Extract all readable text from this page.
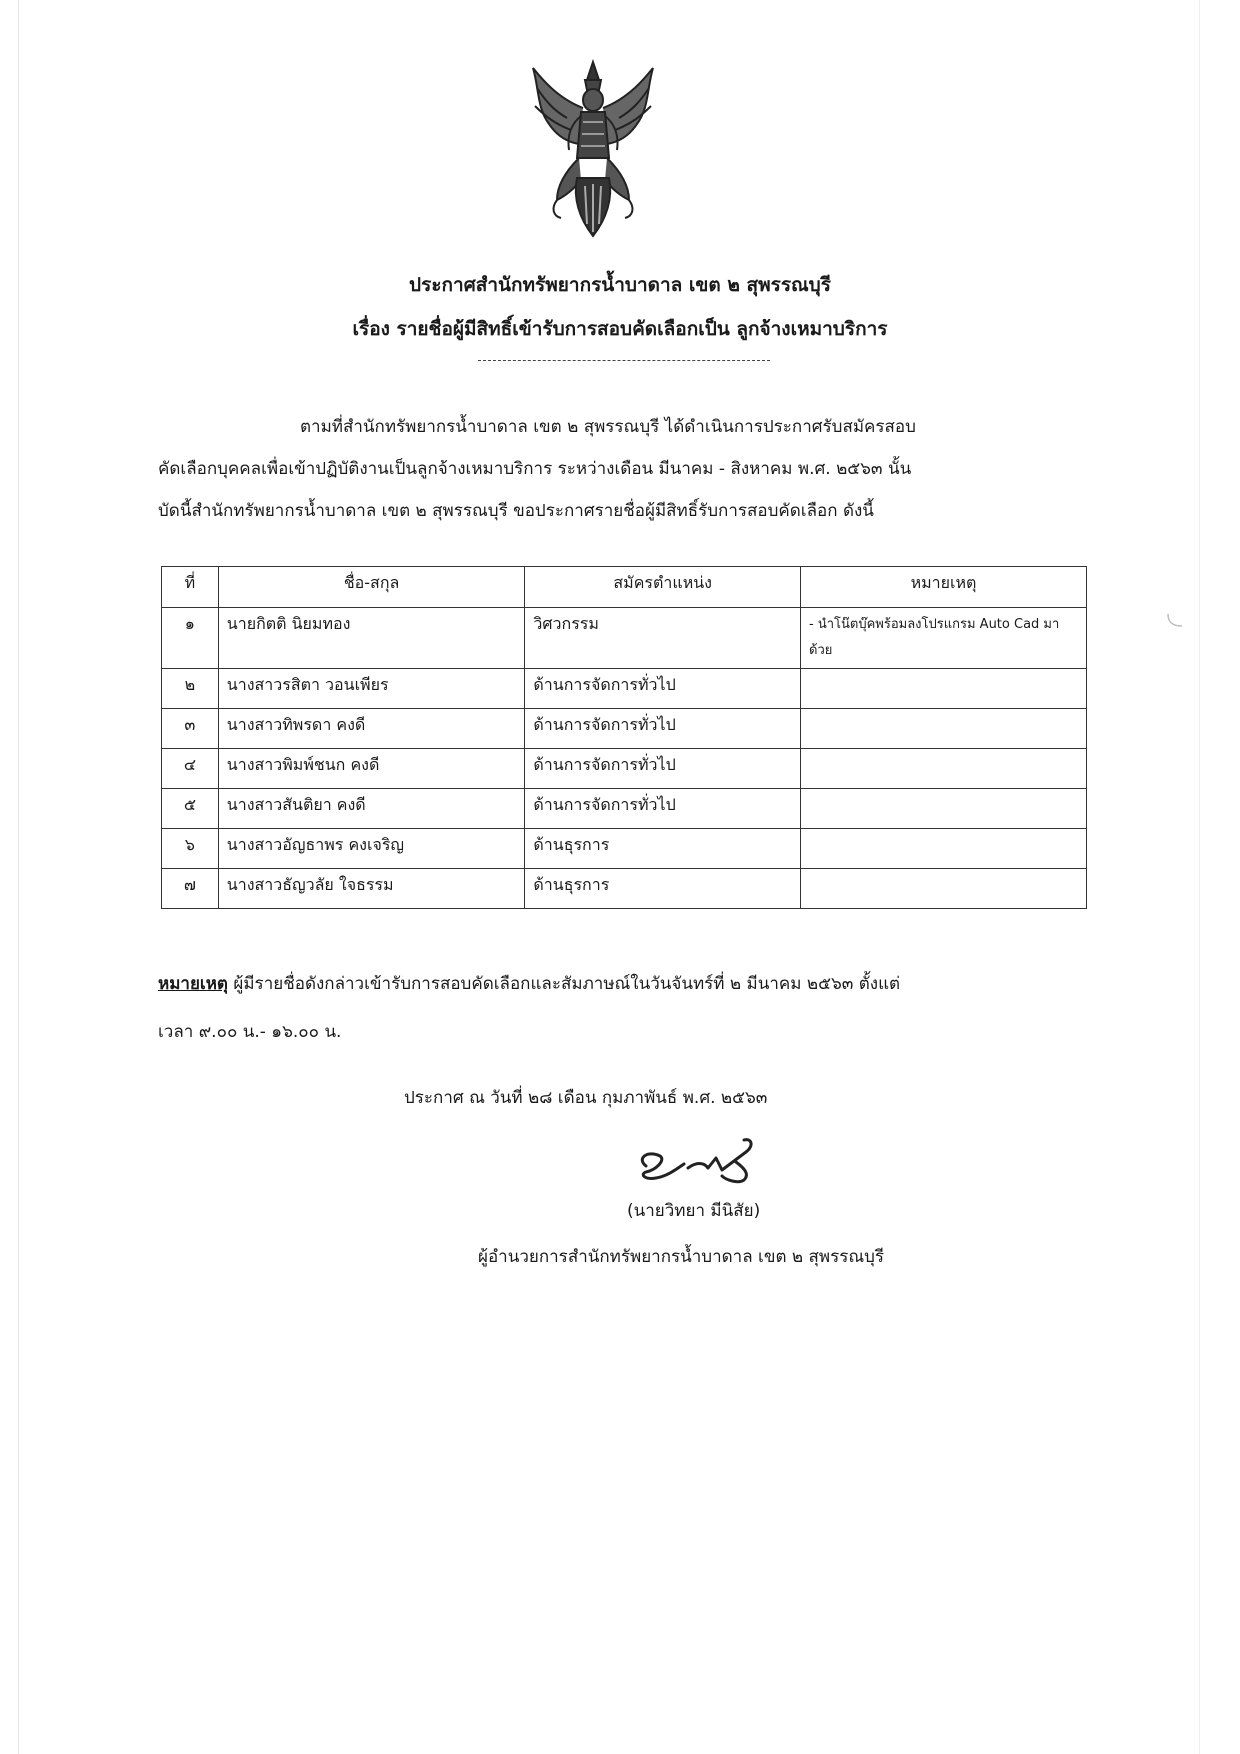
ประกาศสำนักทรัพยากรน้ำบาดาล เขต ๒ สุพรรณบุรี
เรื่อง รายชื่อผู้มีสิทธิ์เข้ารับการสอบคัดเลือกเป็น ลูกจ้างเหมาบริการ
ตามที่สำนักทรัพยากรน้ำบาดาล เขต ๒ สุพรรณบุรี ได้ดำเนินการประกาศรับสมัครสอบ
คัดเลือกบุคคลเพื่อเข้าปฏิบัติงานเป็นลูกจ้างเหมาบริการ ระหว่างเดือน มีนาคม - สิงหาคม พ.ศ. ๒๕๖๓ นั้น
บัดนี้สำนักทรัพยากรน้ำบาดาล เขต ๒ สุพรรณบุรี ขอประกาศรายชื่อผู้มีสิทธิ์รับการสอบคัดเลือก ดังนี้
ที่	ชื่อ-สกุล	สมัครตำแหน่ง	หมายเหตุ
๑	นายกิตติ นิยมทอง	วิศวกรรม	- นำโน๊ตบุ๊คพร้อมลงโปรแกรม Auto Cad มาด้วย
๒	นางสาวรสิตา วอนเพียร	ด้านการจัดการทั่วไป	
๓	นางสาวทิพรดา คงดี	ด้านการจัดการทั่วไป	
๔	นางสาวพิมพ์ชนก คงดี	ด้านการจัดการทั่วไป	
๕	นางสาวสันติยา คงดี	ด้านการจัดการทั่วไป	
๖	นางสาวอัญธาพร คงเจริญ	ด้านธุรการ	
๗	นางสาวธัญวลัย ใจธรรม	ด้านธุรการ	
หมายเหตุ ผู้มีรายชื่อดังกล่าวเข้ารับการสอบคัดเลือกและสัมภาษณ์ในวันจันทร์ที่ ๒ มีนาคม ๒๕๖๓ ตั้งแต่
เวลา ๙.๐๐ น.- ๑๖.๐๐ น.
ประกาศ ณ วันที่ ๒๘ เดือน กุมภาพันธ์ พ.ศ. ๒๕๖๓
(นายวิทยา มีนิสัย)
ผู้อำนวยการสำนักทรัพยากรน้ำบาดาล เขต ๒ สุพรรณบุรี
